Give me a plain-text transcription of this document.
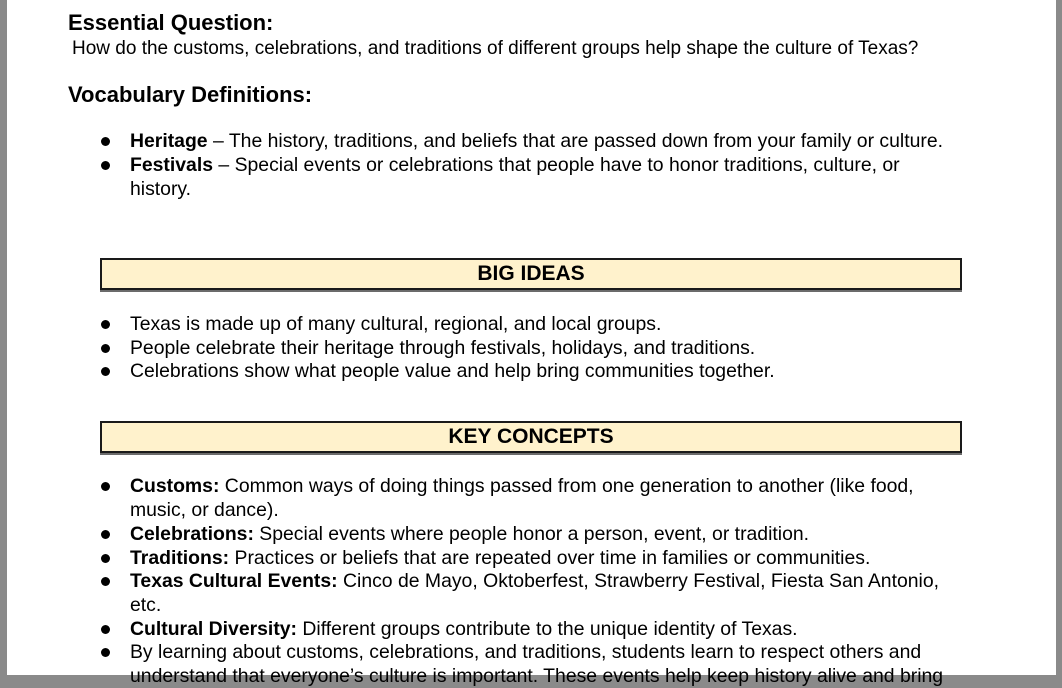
Essential Question:
How do the customs, celebrations, and traditions of different groups help shape the culture of Texas?
Vocabulary Definitions:
Heritage – The history, traditions, and beliefs that are passed down from your family or culture.
Festivals – Special events or celebrations that people have to honor traditions, culture, or
history.
BIG IDEAS
Texas is made up of many cultural, regional, and local groups.
People celebrate their heritage through festivals, holidays, and traditions.
Celebrations show what people value and help bring communities together.
KEY CONCEPTS
Customs: Common ways of doing things passed from one generation to another (like food,
music, or dance).
Celebrations: Special events where people honor a person, event, or tradition.
Traditions: Practices or beliefs that are repeated over time in families or communities.
Texas Cultural Events: Cinco de Mayo, Oktoberfest, Strawberry Festival, Fiesta San Antonio,
etc.
Cultural Diversity: Different groups contribute to the unique identity of Texas.
By learning about customs, celebrations, and traditions, students learn to respect others and
understand that everyone’s culture is important. These events help keep history alive and bring
